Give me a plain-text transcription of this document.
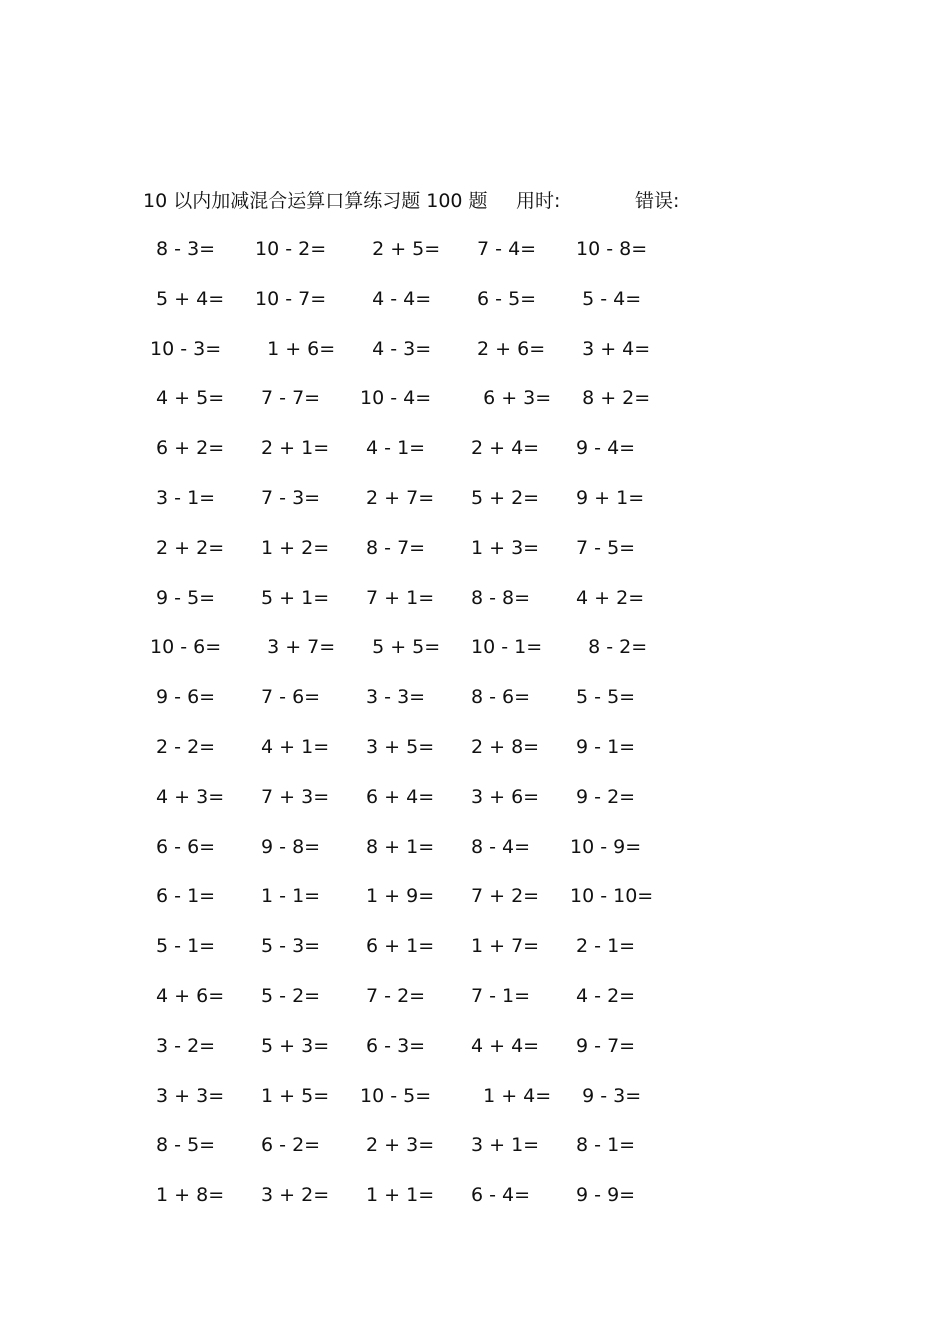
10 以内加减混合运算口算练习题 100 题 用时:	错误:
8 - 3= 10 - 2= 2 + 5= 7 - 4= 10 - 8=
5 + 4= 10 - 7= 4 - 4= 6 - 5= 5 - 4=
10 - 3= 1 + 6= 4 - 3= 2 + 6= 3 + 4=
4 + 5= 7 - 7= 10 - 4= 6 + 3= 8 + 2=
6 + 2= 2 + 1= 4 - 1= 2 + 4= 9 - 4=
3 - 1= 7 - 3= 2 + 7= 5 + 2= 9 + 1=
2 + 2= 1 + 2= 8 - 7= 1 + 3= 7 - 5=
9 - 5= 5 + 1= 7 + 1= 8 - 8= 4 + 2=
10 - 6= 3 + 7= 5 + 5= 10 - 1= 8 - 2=
9 - 6= 7 - 6= 3 - 3= 8 - 6= 5 - 5=
2 - 2= 4 + 1= 3 + 5= 2 + 8= 9 - 1=
4 + 3= 7 + 3= 6 + 4= 3 + 6= 9 - 2=
6 - 6= 9 - 8= 8 + 1= 8 - 4= 10 - 9=
6 - 1= 1 - 1= 1 + 9= 7 + 2= 10 - 10=
5 - 1= 5 - 3= 6 + 1= 1 + 7= 2 - 1=
4 + 6= 5 - 2= 7 - 2= 7 - 1= 4 - 2=
3 - 2= 5 + 3= 6 - 3= 4 + 4= 9 - 7=
3 + 3= 1 + 5= 10 - 5= 1 + 4= 9 - 3=
8 - 5= 6 - 2= 2 + 3= 3 + 1= 8 - 1=
1 + 8= 3 + 2= 1 + 1= 6 - 4= 9 - 9=
